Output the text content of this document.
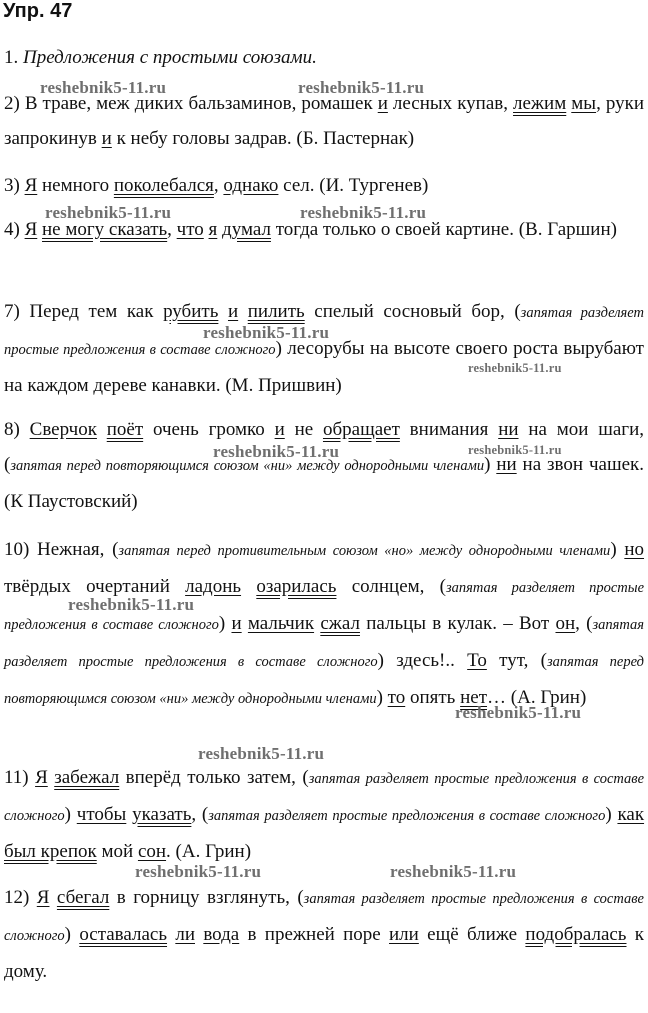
Упр. 47
1. Предложения с простыми союзами.
2) В траве, меж диких бальзаминов, ромашек и лесных купав, лежим мы, руки запрокинув и к небу головы задрав. (Б. Пастернак)
3) Я немного поколебался, однако сел. (И. Тургенев)
4) Я не могу сказать, что я думал тогда только о своей картине. (В. Гаршин)
7) Перед тем как рубить и пилить спелый сосновый бор, (запятая разделяет простые предложения в составе сложного) лесорубы на высоте своего роста вырубают на каждом дереве канавки. (М. Пришвин)
8) Сверчок поёт очень громко и не обращает внимания ни на мои шаги, (запятая перед повторяющимся союзом «ни» между однородными членами) ни на звон чашек. (К Паустовский)
10) Нежная, (запятая перед противительным союзом «но» между однородными членами) но твёрдых очертаний ладонь озарилась солнцем, (запятая разделяет простые предложения в составе сложного) и мальчик сжал пальцы в кулак. – Вот он, (запятая разделяет простые предложения в составе сложного) здесь!.. То тут, (запятая перед повторяющимся союзом «ни» между однородными членами) то опять нет… (А. Грин)
11) Я забежал вперёд только затем, (запятая разделяет простые предложения в составе сложного) чтобы указать, (запятая разделяет простые предложения в составе сложного) как был крепок мой сон. (А. Грин)
12) Я сбегал в горницу взглянуть, (запятая разделяет простые предложения в составе сложного) оставалась ли вода в прежней поре или ещё ближе подобралась к дому.
reshebnik5-11.ru	reshebnik5-11.ru
reshebnik5-11.ru	reshebnik5-11.ru
reshebnik5-11.ru
reshebnik5-11.ru
reshebnik5-11.ru	reshebnik5-11.ru
reshebnik5-11.ru
reshebnik5-11.ru
reshebnik5-11.ru
reshebnik5-11.ru	reshebnik5-11.ru
